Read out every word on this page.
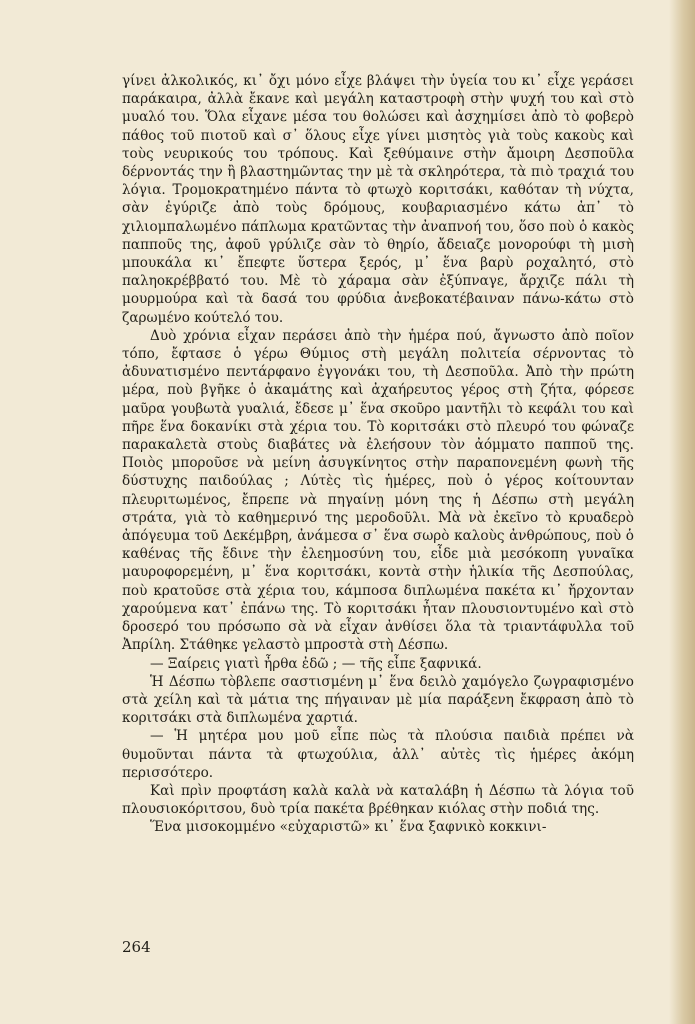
γίνει ἀλκολικός, κι᾽ ὄχι μόνο εἶχε βλάψει τὴν ὑγεία του κι᾽ εἶχε γεράσει παράκαιρα, ἀλλὰ ἔκανε καὶ μεγάλη καταστροφὴ στὴν ψυχή του καὶ στὸ μυαλό του. Ὅλα εἶχανε μέσα του θολώσει καὶ ἀσχημίσει ἀπὸ τὸ φοβερὸ πάθος τοῦ πιοτοῦ καὶ σ᾽ ὅλους εἶχε γίνει μισητὸς γιὰ τοὺς κακοὺς καὶ τοὺς νευρικούς του τρόπους. Καὶ ξεθύμαινε στὴν ἄμοιρη Δεσποῦλα δέρνοντάς την ἢ βλαστημῶντας την μὲ τὰ σκληρότερα, τὰ πιὸ τραχιά του λόγια. Τρομοκρατημένο πάντα τὸ φτωχὸ κοριτσάκι, καθόταν τὴ νύχτα, σὰν ἐγύριζε ἀπὸ τοὺς δρόμους, κουβαριασμένο κάτω ἀπ᾽ τὸ χιλιομπαλωμένο πάπλωμα κρατῶντας τὴν ἀναπνοή του, ὅσο ποὺ ὁ κακὸς παπποῦς της, ἀφοῦ γρύλιζε σὰν τὸ θηρίο, ἄδειαζε μονορούφι τὴ μισὴ μπουκάλα κι᾽ ἔπεφτε ὕστερα ξερός, μ᾽ ἕνα βαρὺ ροχαλητό, στὸ παληοκρέββατό του. Μὲ τὸ χάραμα σὰν ἐξύπναγε, ἄρχιζε πάλι τὴ μουρμούρα καὶ τὰ δασά του φρύδια ἀνεβοκατέβαιναν πάνω-κάτω στὸ ζαρωμένο κούτελό του.

Δυὸ χρόνια εἶχαν περάσει ἀπὸ τὴν ἡμέρα πού, ἄγνωστο ἀπὸ ποῖον τόπο, ἔφτασε ὁ γέρω Θύμιος στὴ μεγάλη πολιτεία σέρνοντας τὸ ἀδυνατισμένο πεντάρφανο ἐγγονάκι του, τὴ Δεσποῦλα. Ἀπὸ τὴν πρώτη μέρα, ποὺ βγῆκε ὁ ἀκαμάτης καὶ ἀχαήρευτος γέρος στὴ ζήτα, φόρεσε μαῦρα γουβωτὰ γυαλιά, ἔδεσε μ᾽ ἕνα σκοῦρο μαντῆλι τὸ κεφάλι του καὶ πῆρε ἕνα δοκανίκι στὰ χέρια του. Τὸ κοριτσάκι στὸ πλευρό του φώναζε παρακαλετὰ στοὺς διαβάτες νὰ ἐλεήσουν τὸν ἀόμματο παπποῦ της. Ποιὸς μποροῦσε νὰ μείνη ἀσυγκίνητος στὴν παραπονεμένη φωνὴ τῆς δύστυχης παιδούλας ; Λύτὲς τὶς ἡμέρες, ποὺ ὁ γέρος κοίτουνταν πλευριτωμένος, ἔπρεπε νὰ πηγαίνῃ μόνη της ἡ Δέσπω στὴ μεγάλη στράτα, γιὰ τὸ καθημερινό της μεροδοῦλι. Μὰ νὰ ἐκεῖνο τὸ κρυαδερὸ ἀπόγευμα τοῦ Δεκέμβρη, ἀνάμεσα σ᾽ ἕνα σωρὸ καλοὺς ἀνθρώπους, ποὺ ὁ καθένας τῆς ἔδινε τὴν ἐλεημοσύνη του, εἶδε μιὰ μεσόκοπη γυναῖκα μαυροφορεμένη, μ᾽ ἕνα κοριτσάκι, κοντὰ στὴν ἡλικία τῆς Δεσπούλας, ποὺ κρατοῦσε στὰ χέρια του, κάμποσα διπλωμένα πακέτα κι᾽ ἤρχονταν χαρούμενα κατ᾽ ἐπάνω της. Τὸ κοριτσάκι ἦταν πλουσιοντυμένο καὶ στὸ δροσερό του πρόσωπο σὰ νὰ εἶχαν ἀνθίσει ὅλα τὰ τριαντάφυλλα τοῦ Ἀπρίλη. Στάθηκε γελαστὸ μπροστὰ στὴ Δέσπω.

— Ξαίρεις γιατὶ ἦρθα ἐδῶ ; — τῆς εἶπε ξαφνικά.

Ἡ Δέσπω τὸβλεπε σαστισμένη μ᾽ ἕνα δειλὸ χαμόγελο ζωγραφισμένο στὰ χείλη καὶ τὰ μάτια της πήγαιναν μὲ μία παράξενη ἔκφραση ἀπὸ τὸ κοριτσάκι στὰ διπλωμένα χαρτιά.

— Ἡ μητέρα μου μοῦ εἶπε πὼς τὰ πλούσια παιδιὰ πρέπει νὰ θυμοῦνται πάντα τὰ φτωχούλια, ἀλλ᾽ αὐτὲς τὶς ἡμέρες ἀκόμη περισσότερο.

Καὶ πρὶν προφτάση καλὰ καλὰ νὰ καταλάβη ἡ Δέσπω τὰ λόγια τοῦ πλουσιοκόριτσου, δυὸ τρία πακέτα βρέθηκαν κιόλας στὴν ποδιά της.

Ἕνα μισοκομμένο «εὐχαριστῶ» κι᾽ ἕνα ξαφνικὸ κοκκινι-

264
